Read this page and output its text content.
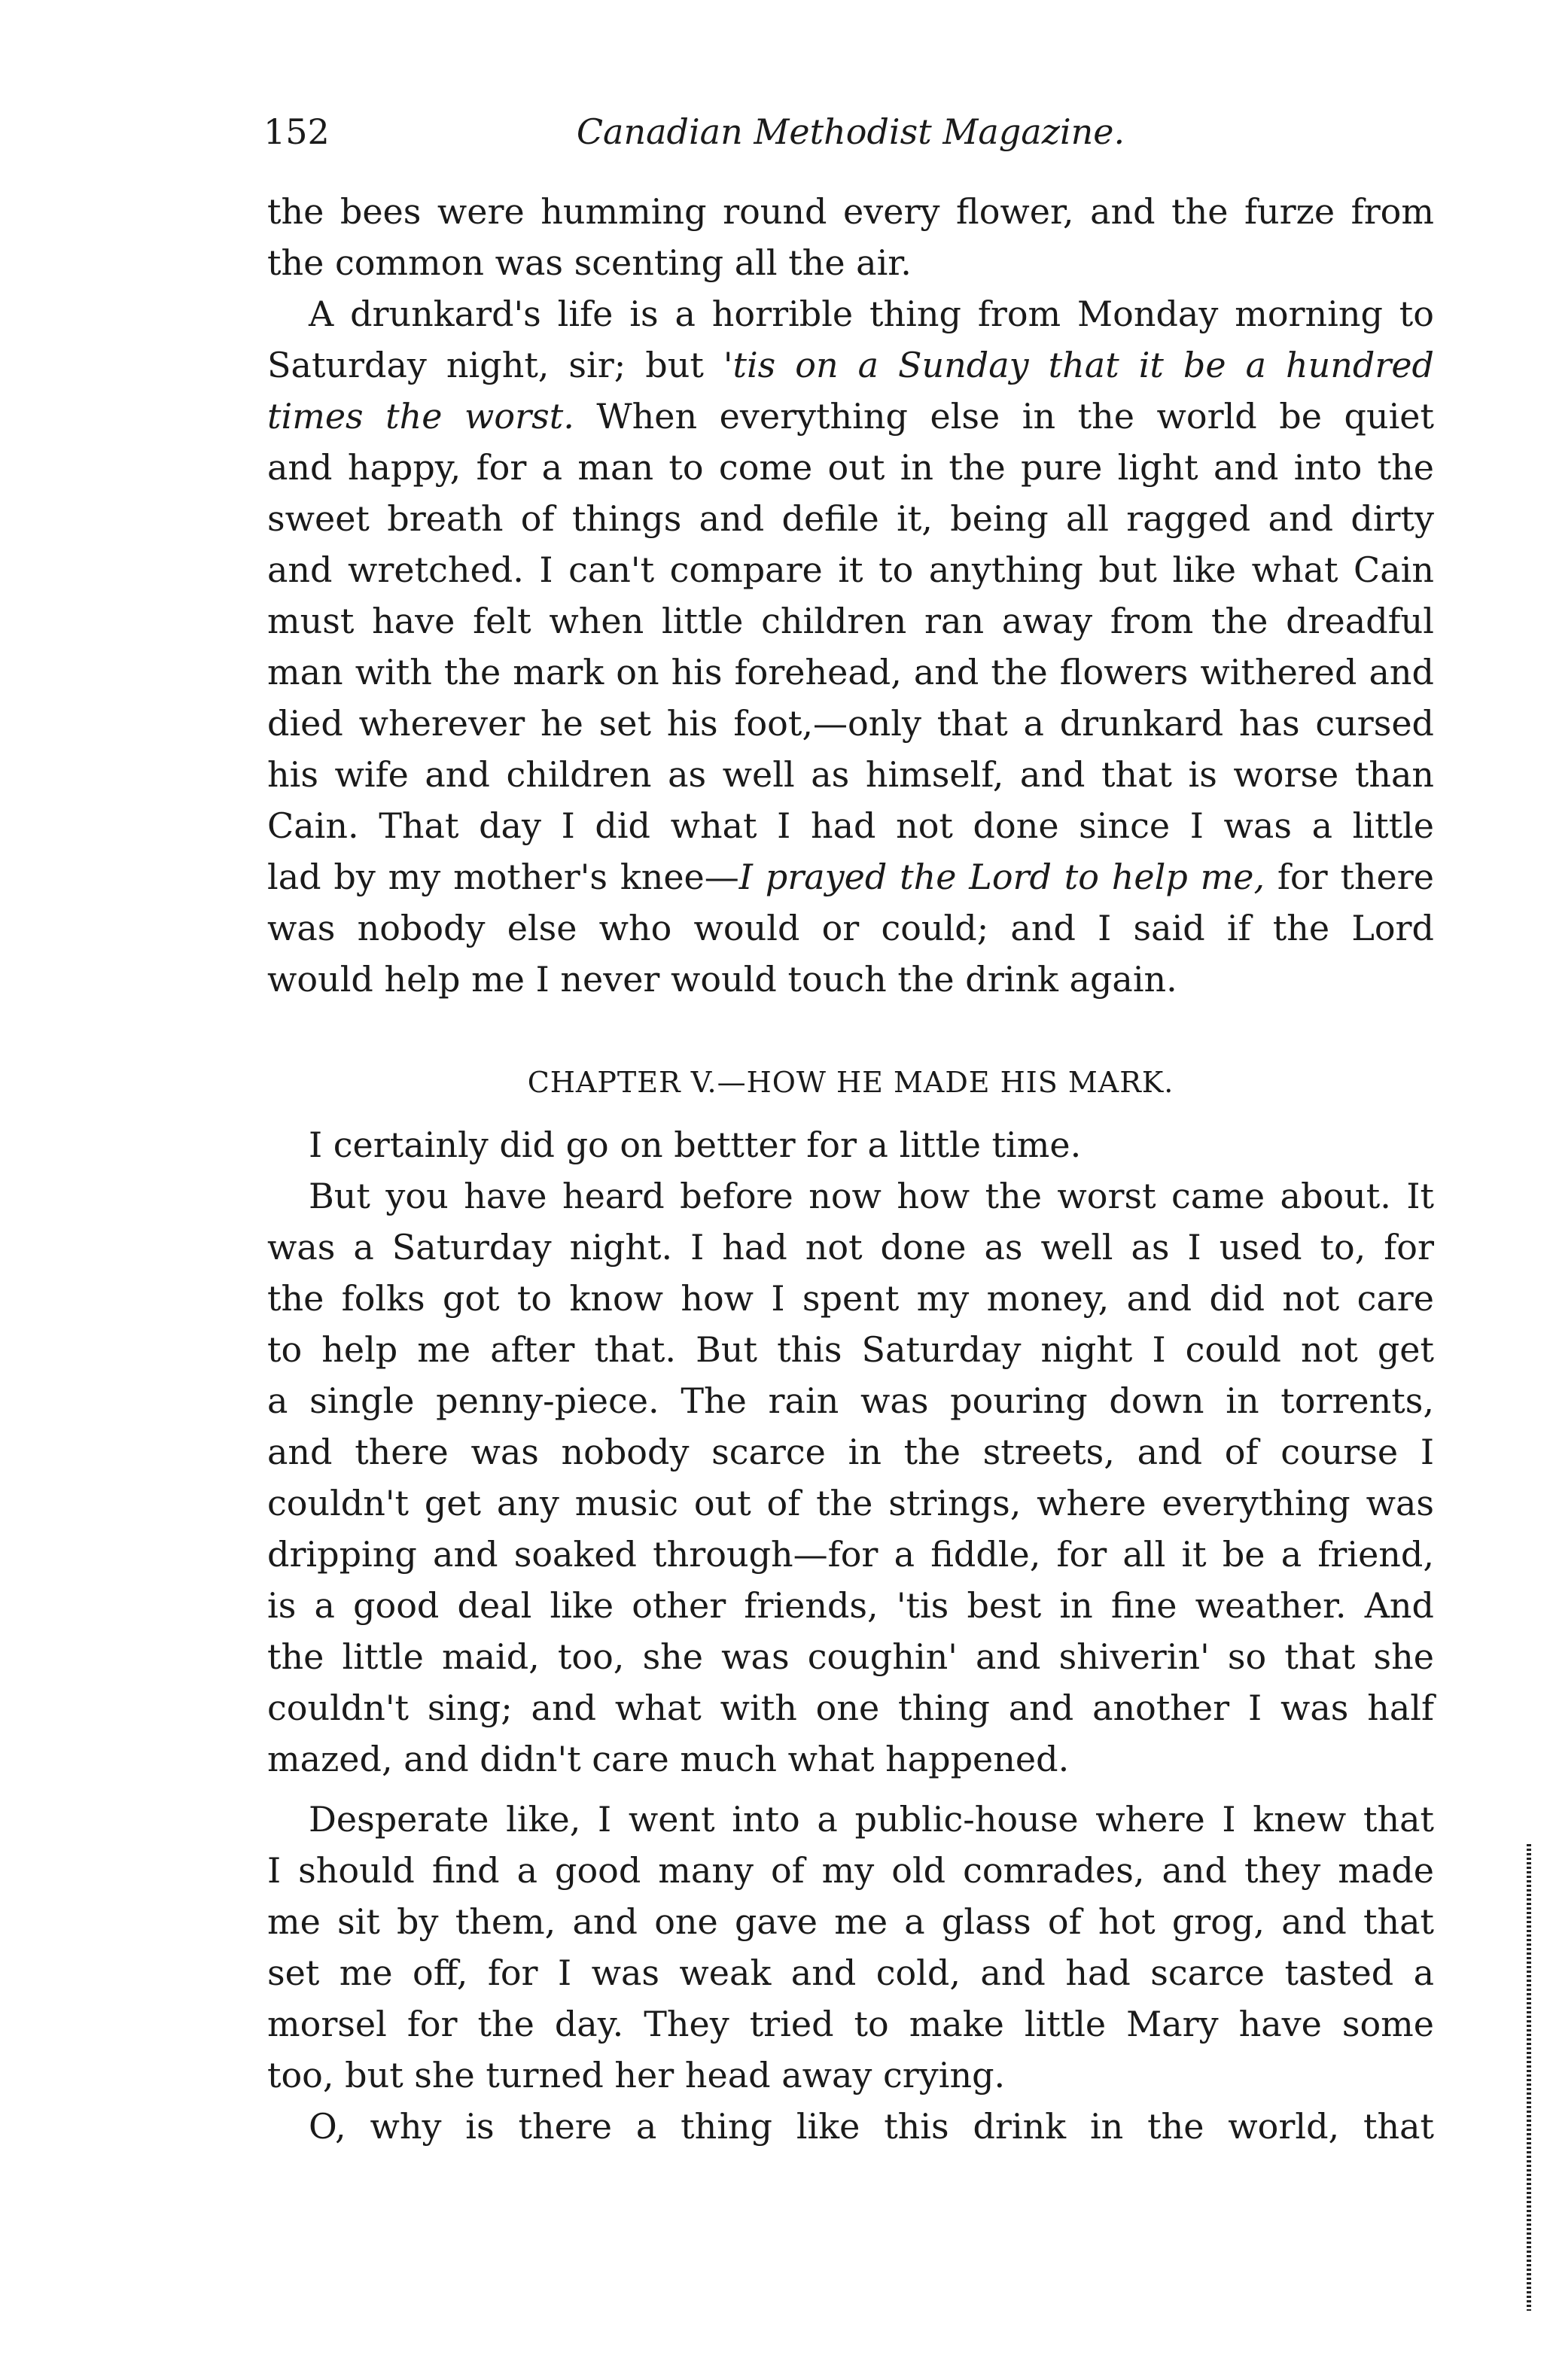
152	Canadian Methodist Magazine.
the bees were humming round every flower, and the furze from
the common was scenting all the air.
A drunkard's life is a horrible thing from Monday morning to
Saturday night, sir; but 'tis on a Sunday that it be a hundred
times the worst. When everything else in the world be quiet
and happy, for a man to come out in the pure light and into the
sweet breath of things and defile it, being all ragged and dirty
and wretched. I can't compare it to anything but like what Cain
must have felt when little children ran away from the dreadful
man with the mark on his forehead, and the flowers withered and
died wherever he set his foot,—only that a drunkard has cursed
his wife and children as well as himself, and that is worse than
Cain. That day I did what I had not done since I was a little
lad by my mother's knee—I prayed the Lord to help me, for there
was nobody else who would or could; and I said if the Lord
would help me I never would touch the drink again.
CHAPTER V.—HOW HE MADE HIS MARK.
I certainly did go on bettter for a little time.
But you have heard before now how the worst came about. It
was a Saturday night. I had not done as well as I used to, for
the folks got to know how I spent my money, and did not care
to help me after that. But this Saturday night I could not get
a single penny-piece. The rain was pouring down in torrents,
and there was nobody scarce in the streets, and of course I
couldn't get any music out of the strings, where everything was
dripping and soaked through—for a fiddle, for all it be a friend,
is a good deal like other friends, 'tis best in fine weather. And
the little maid, too, she was coughin' and shiverin' so that she
couldn't sing; and what with one thing and another I was half
mazed, and didn't care much what happened.
Desperate like, I went into a public-house where I knew that
I should find a good many of my old comrades, and they made
me sit by them, and one gave me a glass of hot grog, and that
set me off, for I was weak and cold, and had scarce tasted a
morsel for the day. They tried to make little Mary have some
too, but she turned her head away crying.
O, why is there a thing like this drink in the world, that
